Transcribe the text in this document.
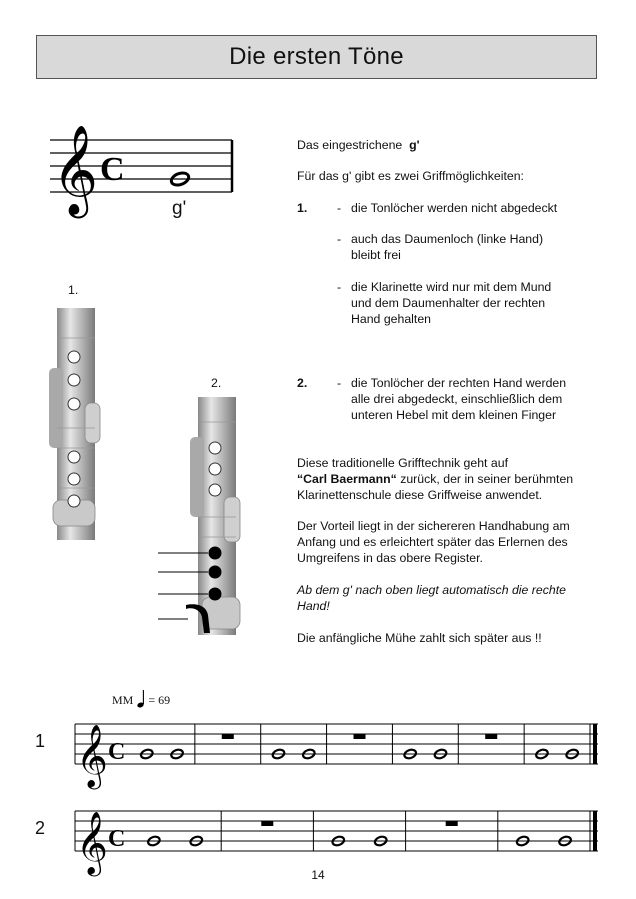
Die ersten Töne
𝄞 C
g'
Das eingestrichene g'
Für das g' gibt es zwei Griffmöglichkeiten:
1. - die Tonlöcher werden nicht abgedeckt
- auch das Daumenloch (linke Hand)
bleibt frei
- die Klarinette wird nur mit dem Mund
und dem Daumenhalter der rechten
Hand gehalten
2. - die Tonlöcher der rechten Hand werden
alle drei abgedeckt, einschließlich dem
unteren Hebel mit dem kleinen Finger
Diese traditionelle Grifftechnik geht auf
“Carl Baermann“ zurück, der in seiner berühmten
Klarinettenschule diese Griffweise anwendet.
Der Vorteil liegt in der sichereren Handhabung am
Anfang und es erleichtert später das Erlernen des
Umgreifens in das obere Register.
Ab dem g' nach oben liegt automatisch die rechte
Hand!
Die anfängliche Mühe zahlt sich später aus !!
1.
2.
MM = 69
1
2
𝄞 C
𝄞 C
14
